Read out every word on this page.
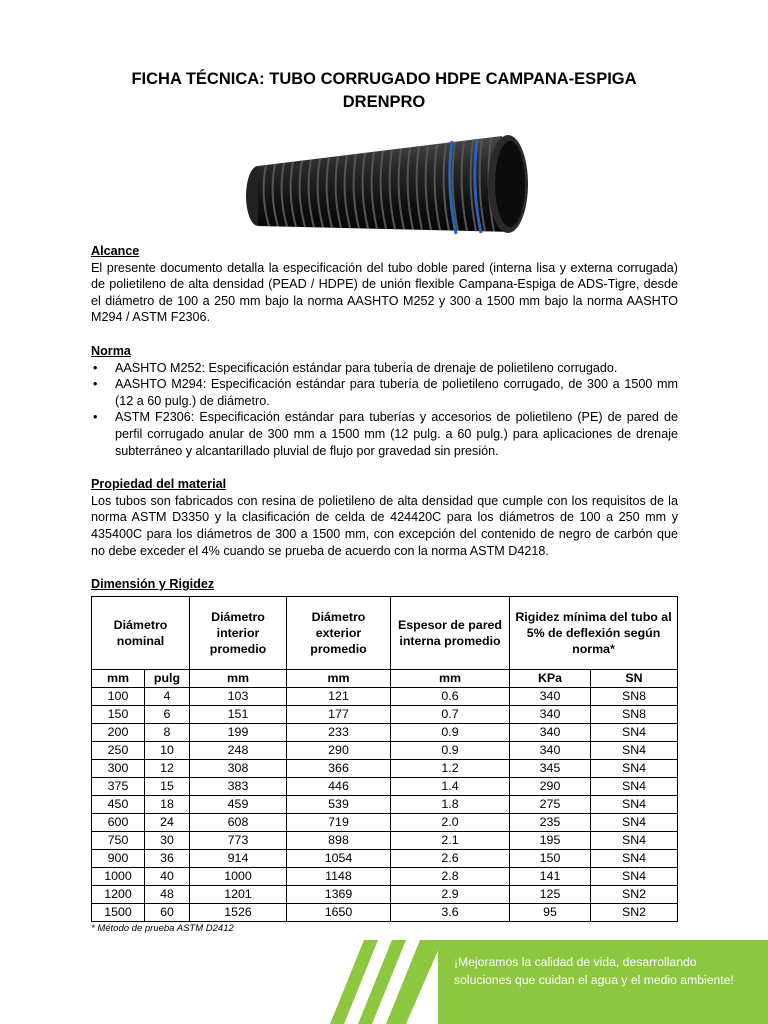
FICHA TÉCNICA: TUBO CORRUGADO HDPE CAMPANA-ESPIGA
DRENPRO
Alcance
El presente documento detalla la especificación del tubo doble pared (interna lisa y externa corrugada) de polietileno de alta densidad (PEAD / HDPE) de unión flexible Campana-Espiga de ADS-Tigre, desde el diámetro de 100 a 250 mm bajo la norma AASHTO M252 y 300 a 1500 mm bajo la norma AASHTO M294 / ASTM F2306.
Norma
• AASHTO M252: Especificación estándar para tubería de drenaje de polietileno corrugado.
• AASHTO M294: Especificación estándar para tubería de polietileno corrugado, de 300 a 1500 mm (12 a 60 pulg.) de diámetro.
• ASTM F2306: Especificación estándar para tuberías y accesorios de polietileno (PE) de pared de perfil corrugado anular de 300 mm a 1500 mm (12 pulg. a 60 pulg.) para aplicaciones de drenaje subterráneo y alcantarillado pluvial de flujo por gravedad sin presión.
Propiedad del material
Los tubos son fabricados con resina de polietileno de alta densidad que cumple con los requisitos de la norma ASTM D3350 y la clasificación de celda de 424420C para los diámetros de 100 a 250 mm y 435400C para los diámetros de 300 a 1500 mm, con excepción del contenido de negro de carbón que no debe exceder el 4% cuando se prueba de acuerdo con la norma ASTM D4218.
Dimensión y Rigidez
Diámetro nominal		Diámetro interior promedio	Diámetro exterior promedio	Espesor de pared interna promedio	Rigidez mínima del tubo al 5% de deflexión según norma*	
mm	pulg	mm	mm	mm	KPa	SN
100	4	103	121	0.6	340	SN8
150	6	151	177	0.7	340	SN8
200	8	199	233	0.9	340	SN4
250	10	248	290	0.9	340	SN4
300	12	308	366	1.2	345	SN4
375	15	383	446	1.4	290	SN4
450	18	459	539	1.8	275	SN4
600	24	608	719	2.0	235	SN4
750	30	773	898	2.1	195	SN4
900	36	914	1054	2.6	150	SN4
1000	40	1000	1148	2.8	141	SN4
1200	48	1201	1369	2.9	125	SN2
1500	60	1526	1650	3.6	95	SN2
* Método de prueba ASTM D2412
¡Mejoramos la calidad de vida, desarrollando soluciones que cuidan el agua y el medio ambiente!
